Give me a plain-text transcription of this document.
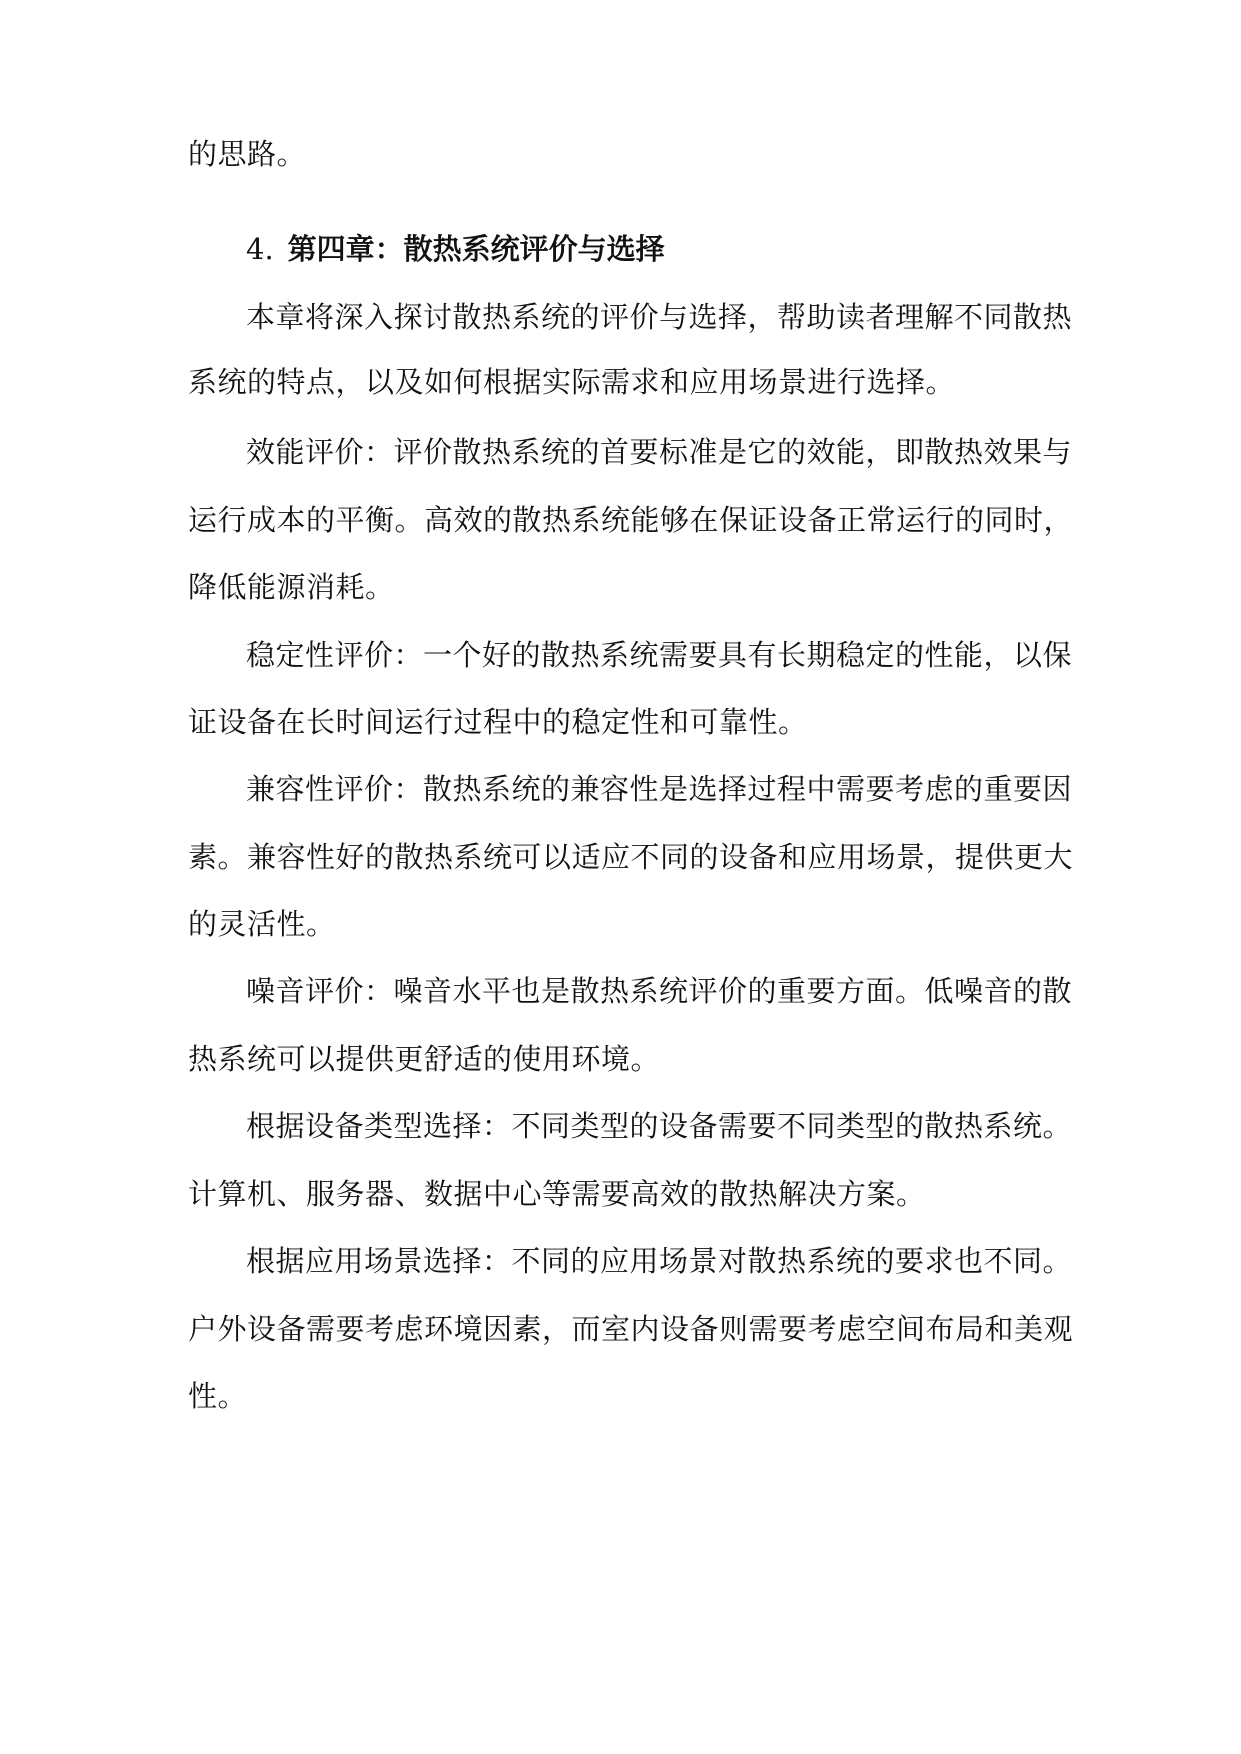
的思路。
4. 第四章：散热系统评价与选择
本章将深入探讨散热系统的评价与选择，帮助读者理解不同散热
系统的特点，以及如何根据实际需求和应用场景进行选择。
效能评价：评价散热系统的首要标准是它的效能，即散热效果与
运行成本的平衡。高效的散热系统能够在保证设备正常运行的同时，
降低能源消耗。
稳定性评价：一个好的散热系统需要具有长期稳定的性能，以保
证设备在长时间运行过程中的稳定性和可靠性。
兼容性评价：散热系统的兼容性是选择过程中需要考虑的重要因
素。兼容性好的散热系统可以适应不同的设备和应用场景，提供更大
的灵活性。
噪音评价：噪音水平也是散热系统评价的重要方面。低噪音的散
热系统可以提供更舒适的使用环境。
根据设备类型选择：不同类型的设备需要不同类型的散热系统。
计算机、服务器、数据中心等需要高效的散热解决方案。
根据应用场景选择：不同的应用场景对散热系统的要求也不同。
户外设备需要考虑环境因素，而室内设备则需要考虑空间布局和美观
性。
